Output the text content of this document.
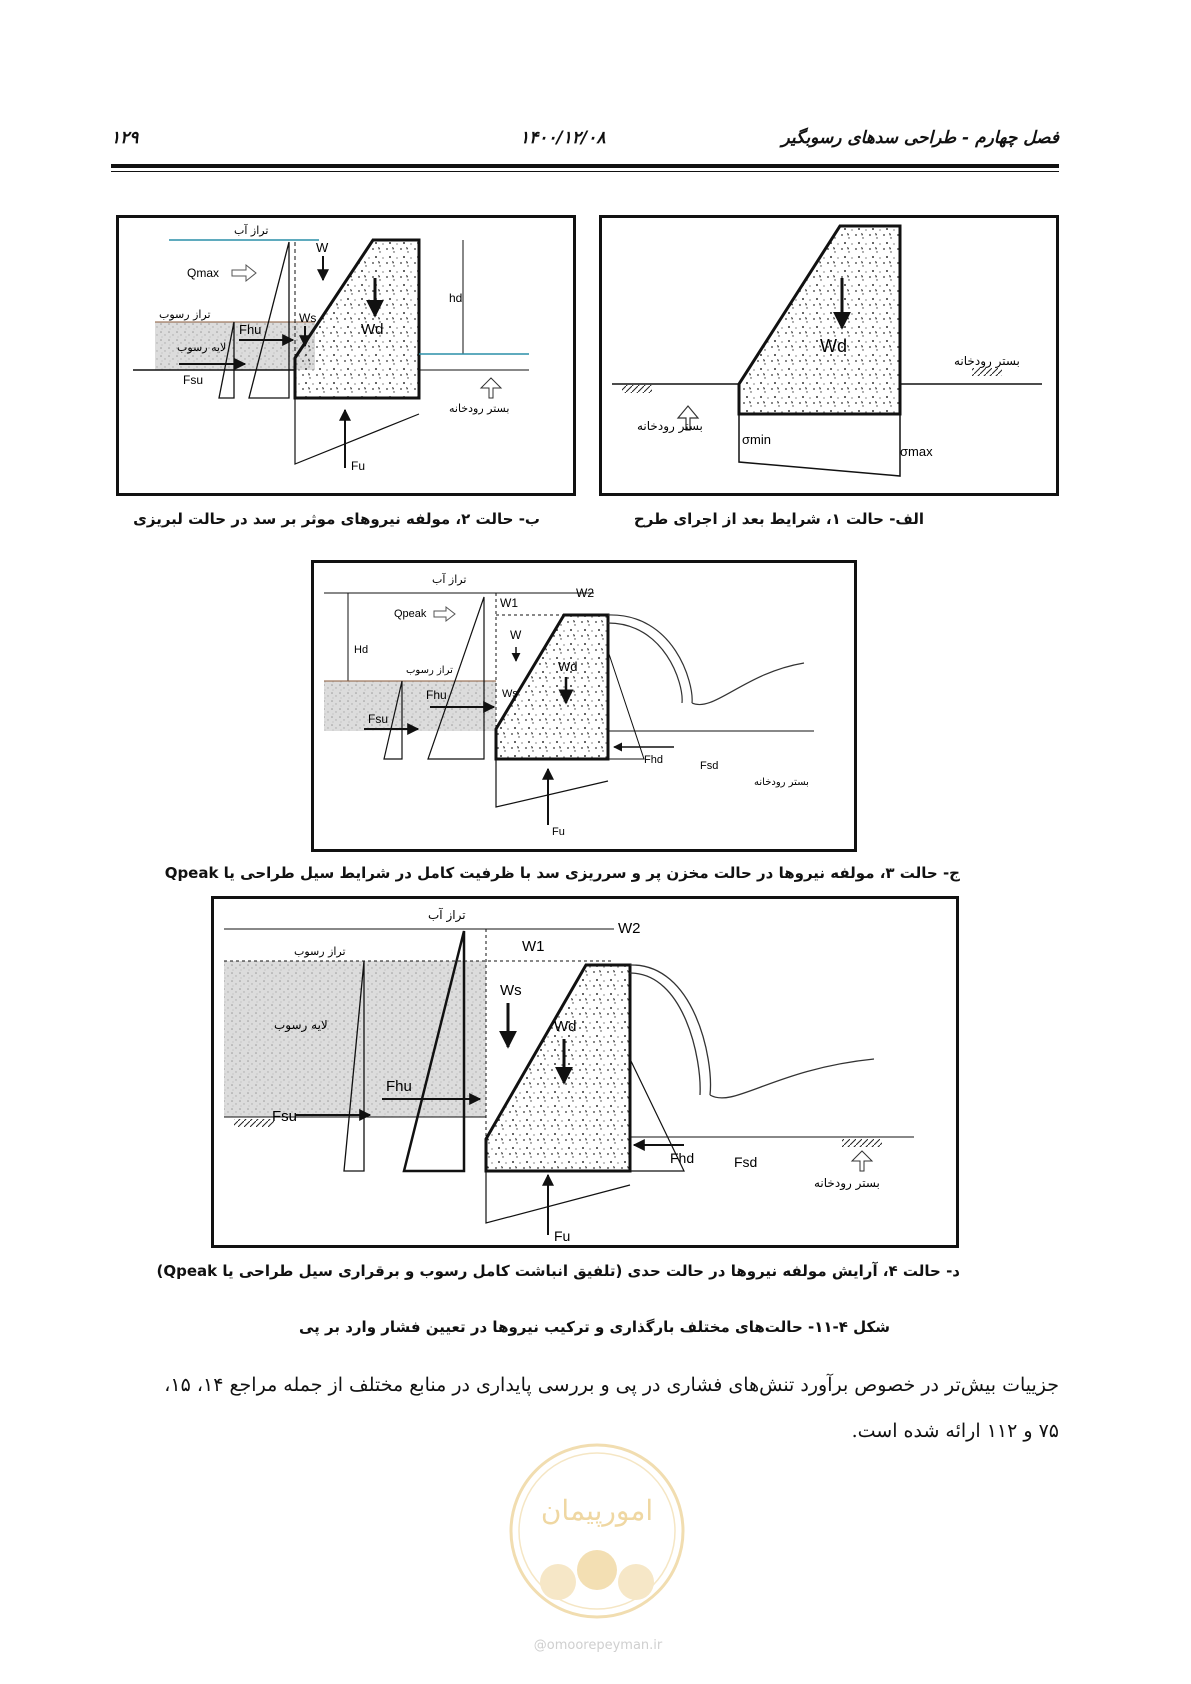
۱۲۹	۱۴۰۰/۱۲/۰۸	فصل چهارم - طراحی سدهای رسوبگیر
Wd
بستر رودخانه
بستر رودخانه
σmin
σmax
الف- حالت ۱، شرایط بعد از اجرای طرح
تراز آب
Qmax
تراز رسوب
لایه رسوب
Fhu
Ws
W
Wd
Fsu
hd
بستر رودخانه
Fu
ب- حالت ۲، مولفه نیروهای موثر بر سد در حالت لبریزی
تراز آب
W1
W2
Qpeak
Hd
تراز رسوب
W
Wd
Fhu	Ws
Fsu
Fhd	Fsd
بستر رودخانه
Fu
ج- حالت ۳، مولفه نیروها در حالت مخزن پر و سرریزی سد با ظرفیت کامل در شرایط سیل طراحی یا Qpeak
تراز آب
W1
W2
تراز رسوب
لایه رسوب
Ws
Wd
Fhu
Fsu
Fhd	Fsd
بستر رودخانه
Fu
د- حالت ۴، آرایش مولفه نیروها در حالت حدی (تلفیق انباشت کامل رسوب و برقراری سیل طراحی یا Qpeak)
شکل ۴-۱۱- حالت‌های مختلف بارگذاری و ترکیب نیروها در تعیین فشار وارد بر پی
جزییات بیش‌تر در خصوص برآورد تنش‌های فشاری در پی و بررسی پایداری در منابع مختلف از جمله مراجع ۱۴، ۱۵،
۷۵ و ۱۱۲ ارائه شده است.
امورپیمان
@omoorepeyman.ir
